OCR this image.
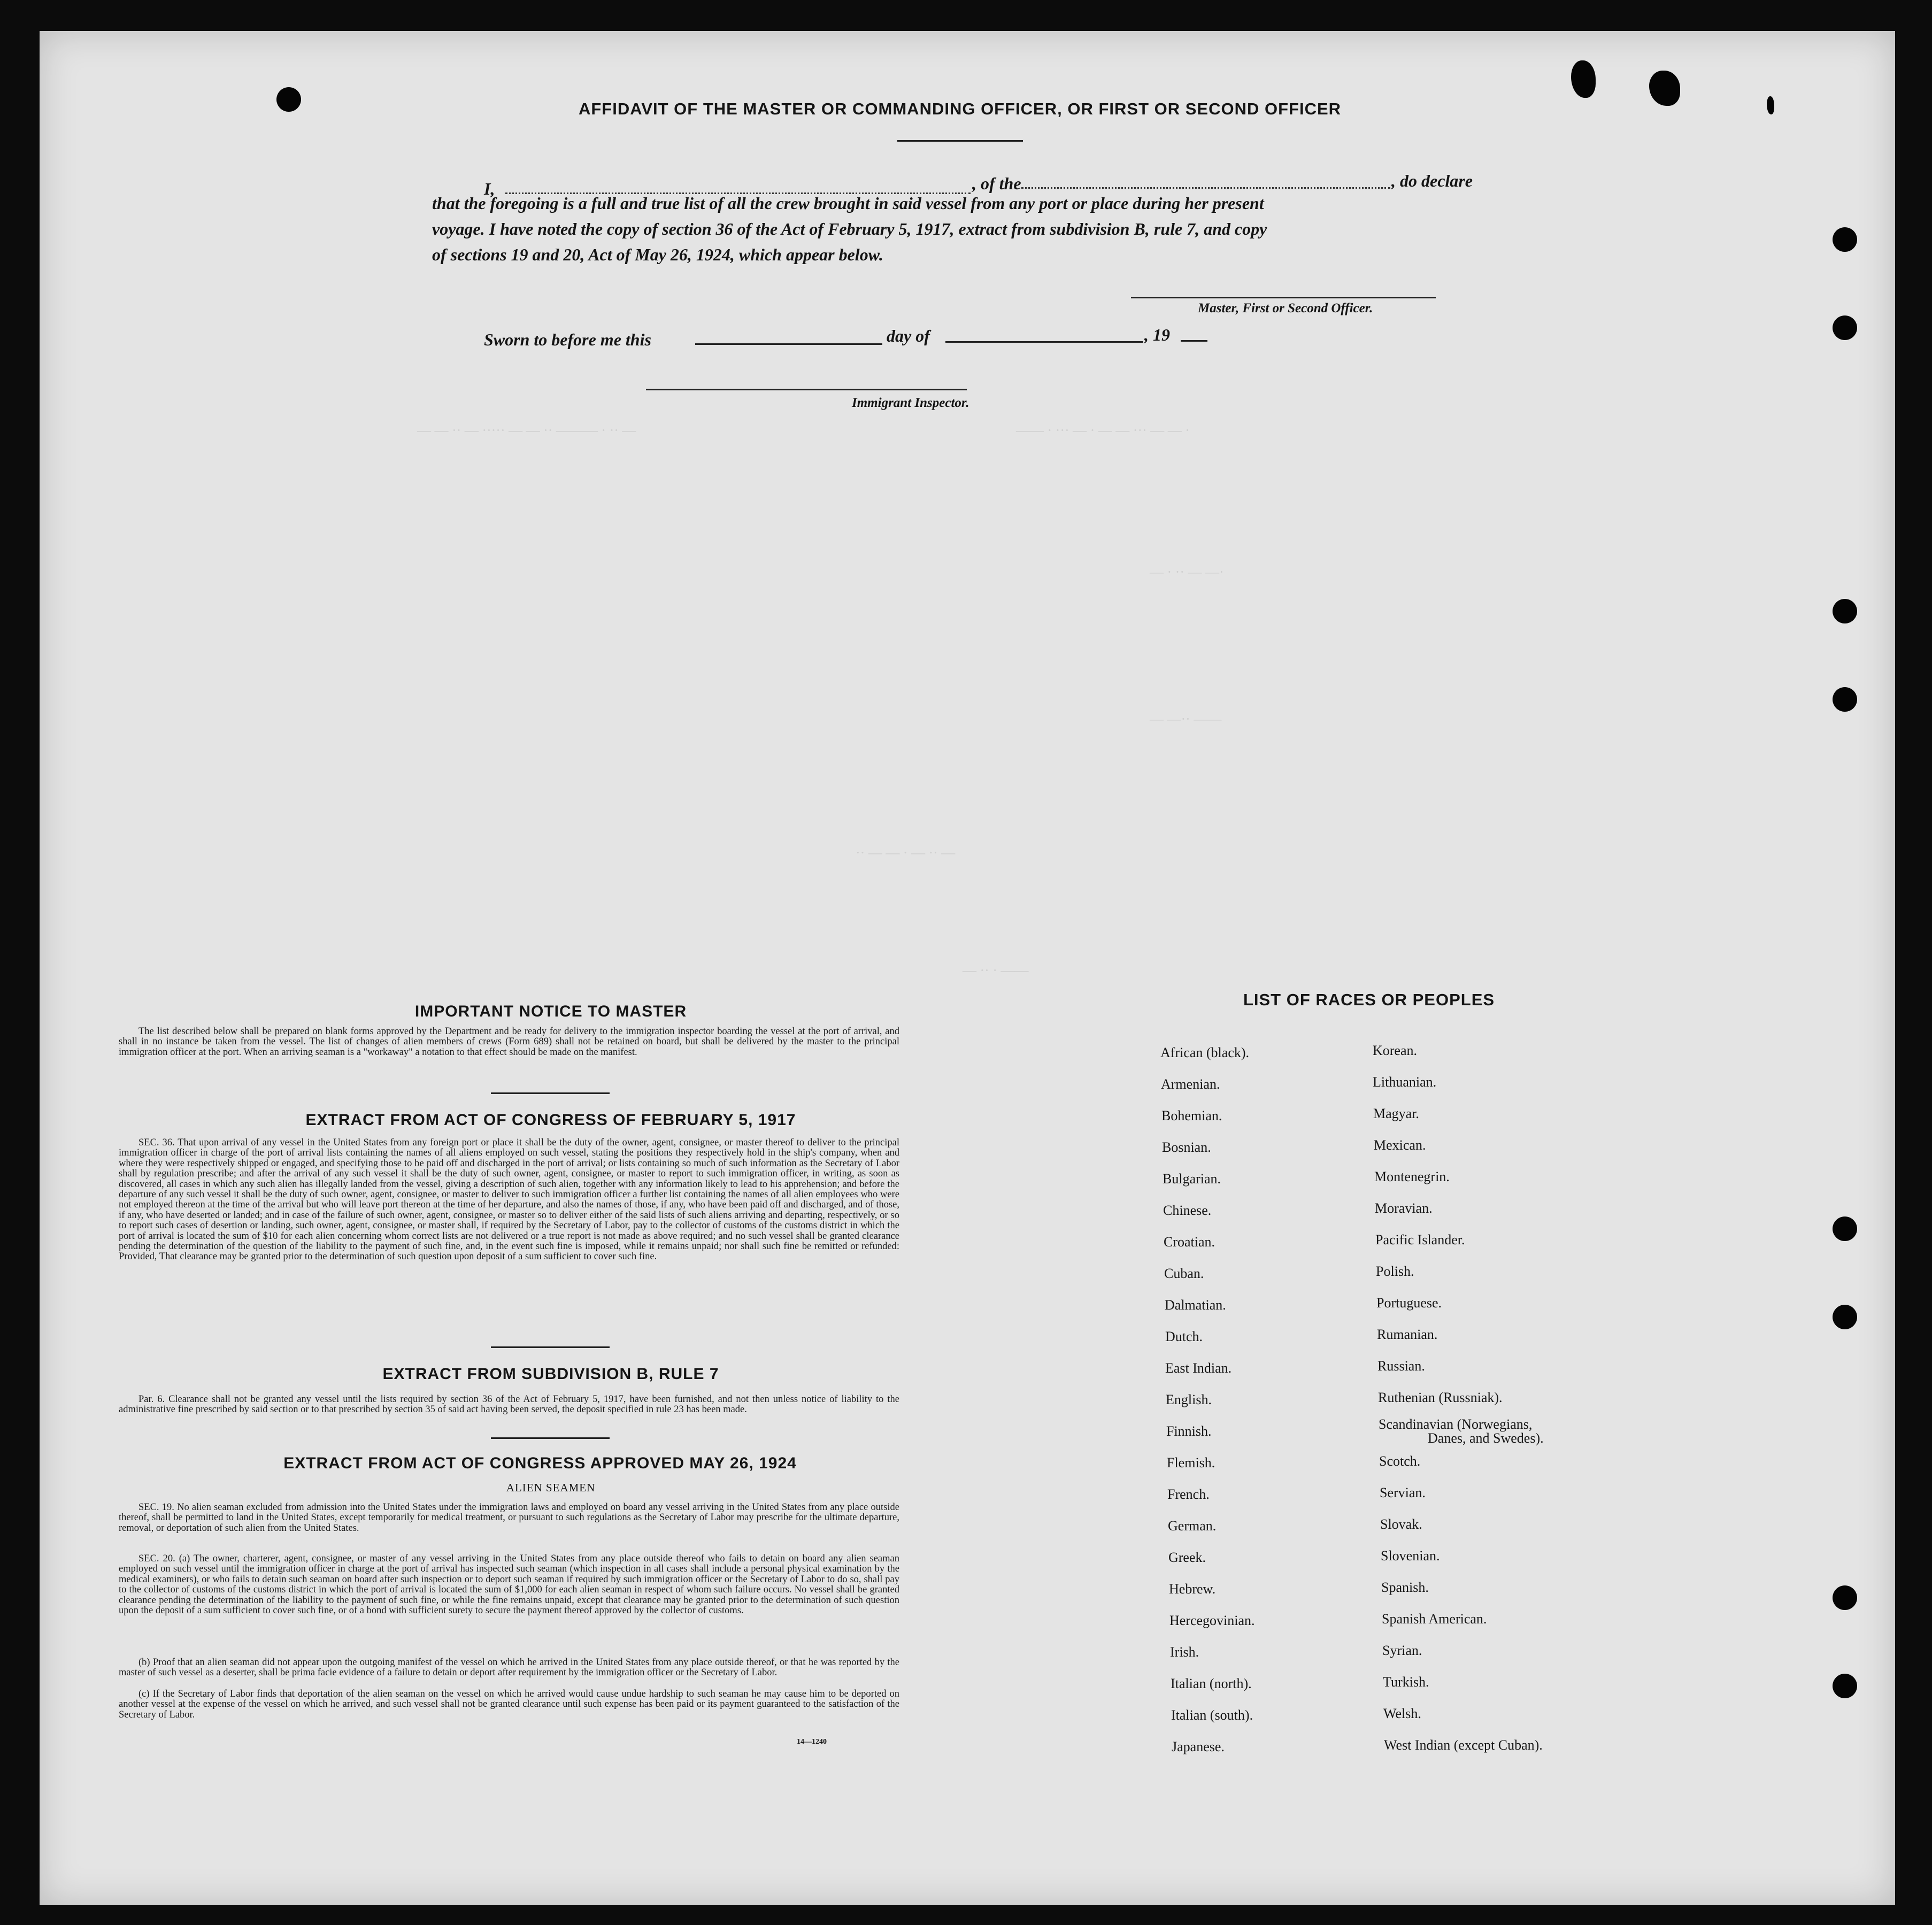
— — ·· — ····· — — ·· ——— · ·· —	—— · ··· — · — — ··· — — ·
— · ·· — —·
— —·· ——
·· — — · — ·· —
— ·· · ——
AFFIDAVIT OF THE MASTER OR COMMANDING OFFICER, OR FIRST OR SECOND OFFICER
I,	, of the	, do declare
that the foregoing is a full and true list of all the crew brought in said vessel from any port or place during her present
voyage. I have noted the copy of section 36 of the Act of February 5, 1917, extract from subdivision B, rule 7, and copy
of sections 19 and 20, Act of May 26, 1924, which appear below.
Master, First or Second Officer.
Sworn to before me this	day of	, 19
Immigrant Inspector.
IMPORTANT NOTICE TO MASTER
The list described below shall be prepared on blank forms approved by the Department and be ready for delivery to the immigration inspector boarding the vessel at the port of arrival, and shall in no instance be taken from the vessel. The list of changes of alien members of crews (Form 689) shall not be retained on board, but shall be delivered by the master to the principal immigration officer at the port. When an arriving seaman is a "workaway" a notation to that effect should be made on the manifest.
EXTRACT FROM ACT OF CONGRESS OF FEBRUARY 5, 1917
SEC. 36. That upon arrival of any vessel in the United States from any foreign port or place it shall be the duty of the owner, agent, consignee, or master thereof to deliver to the principal immigration officer in charge of the port of arrival lists containing the names of all aliens employed on such vessel, stating the positions they respectively hold in the ship's company, when and where they were respectively shipped or engaged, and specifying those to be paid off and discharged in the port of arrival; or lists containing so much of such information as the Secretary of Labor shall by regulation prescribe; and after the arrival of any such vessel it shall be the duty of such owner, agent, consignee, or master to report to such immigration officer, in writing, as soon as discovered, all cases in which any such alien has illegally landed from the vessel, giving a description of such alien, together with any information likely to lead to his apprehension; and before the departure of any such vessel it shall be the duty of such owner, agent, consignee, or master to deliver to such immigration officer a further list containing the names of all alien employees who were not employed thereon at the time of the arrival but who will leave port thereon at the time of her departure, and also the names of those, if any, who have been paid off and discharged, and of those, if any, who have deserted or landed; and in case of the failure of such owner, agent, consignee, or master so to deliver either of the said lists of such aliens arriving and departing, respectively, or so to report such cases of desertion or landing, such owner, agent, consignee, or master shall, if required by the Secretary of Labor, pay to the collector of customs of the customs district in which the port of arrival is located the sum of $10 for each alien concerning whom correct lists are not delivered or a true report is not made as above required; and no such vessel shall be granted clearance pending the determination of the question of the liability to the payment of such fine, and, in the event such fine is imposed, while it remains unpaid; nor shall such fine be remitted or refunded: Provided, That clearance may be granted prior to the determination of such question upon deposit of a sum sufficient to cover such fine.
EXTRACT FROM SUBDIVISION B, RULE 7
Par. 6. Clearance shall not be granted any vessel until the lists required by section 36 of the Act of February 5, 1917, have been furnished, and not then unless notice of liability to the administrative fine prescribed by said section or to that prescribed by section 35 of said act having been served, the deposit specified in rule 23 has been made.
EXTRACT FROM ACT OF CONGRESS APPROVED MAY 26, 1924
ALIEN SEAMEN
SEC. 19. No alien seaman excluded from admission into the United States under the immigration laws and employed on board any vessel arriving in the United States from any place outside thereof, shall be permitted to land in the United States, except temporarily for medical treatment, or pursuant to such regulations as the Secretary of Labor may prescribe for the ultimate departure, removal, or deportation of such alien from the United States.
SEC. 20. (a) The owner, charterer, agent, consignee, or master of any vessel arriving in the United States from any place outside thereof who fails to detain on board any alien seaman employed on such vessel until the immigration officer in charge at the port of arrival has inspected such seaman (which inspection in all cases shall include a personal physical examination by the medical examiners), or who fails to detain such seaman on board after such inspection or to deport such seaman if required by such immigration officer or the Secretary of Labor to do so, shall pay to the collector of customs of the customs district in which the port of arrival is located the sum of $1,000 for each alien seaman in respect of whom such failure occurs. No vessel shall be granted clearance pending the determination of the liability to the payment of such fine, or while the fine remains unpaid, except that clearance may be granted prior to the determination of such question upon the deposit of a sum sufficient to cover such fine, or of a bond with sufficient surety to secure the payment thereof approved by the collector of customs.
(b) Proof that an alien seaman did not appear upon the outgoing manifest of the vessel on which he arrived in the United States from any place outside thereof, or that he was reported by the master of such vessel as a deserter, shall be prima facie evidence of a failure to detain or deport after requirement by the immigration officer or the Secretary of Labor.
(c) If the Secretary of Labor finds that deportation of the alien seaman on the vessel on which he arrived would cause undue hardship to such seaman he may cause him to be deported on another vessel at the expense of the vessel on which he arrived, and such vessel shall not be granted clearance until such expense has been paid or its payment guaranteed to the satisfaction of the Secretary of Labor.
14—1240
LIST OF RACES OR PEOPLES
African (black).
Armenian.
Bohemian.
Bosnian.
Bulgarian.
Chinese.
Croatian.
Cuban.
Dalmatian.
Dutch.
East Indian.
English.
Finnish.
Flemish.
French.
German.
Greek.
Hebrew.
Hercegovinian.
Irish.
Italian (north).
Italian (south).
Japanese.
Korean.
Lithuanian.
Magyar.
Mexican.
Montenegrin.
Moravian.
Pacific Islander.
Polish.
Portuguese.
Rumanian.
Russian.
Ruthenian (Russniak).
Scandinavian (Norwegians,
Danes, and Swedes).
Scotch.
Servian.
Slovak.
Slovenian.
Spanish.
Spanish American.
Syrian.
Turkish.
Welsh.
West Indian (except Cuban).
